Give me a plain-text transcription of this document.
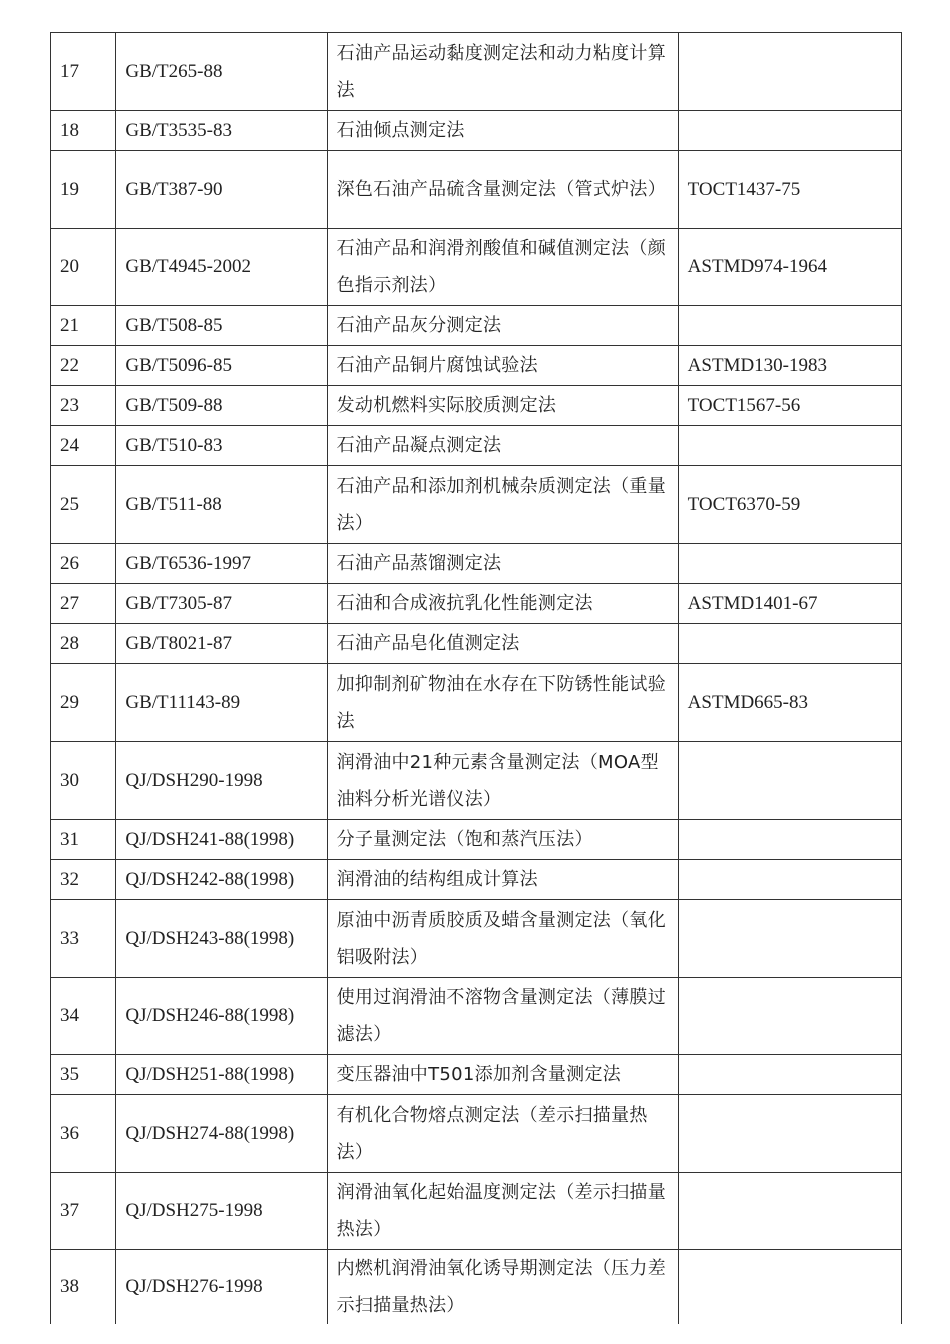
17	GB/T265-88	石油产品运动黏度测定法和动力粘度计算法	
18	GB/T3535-83	石油倾点测定法	
19	GB/T387-90	深色石油产品硫含量测定法（管式炉法）	TOCT1437-75
20	GB/T4945-2002	石油产品和润滑剂酸值和碱值测定法（颜色指示剂法）	ASTMD974-1964
21	GB/T508-85	石油产品灰分测定法	
22	GB/T5096-85	石油产品铜片腐蚀试验法	ASTMD130-1983
23	GB/T509-88	发动机燃料实际胶质测定法	TOCT1567-56
24	GB/T510-83	石油产品凝点测定法	
25	GB/T511-88	石油产品和添加剂机械杂质测定法（重量法）	TOCT6370-59
26	GB/T6536-1997	石油产品蒸馏测定法	
27	GB/T7305-87	石油和合成液抗乳化性能测定法	ASTMD1401-67
28	GB/T8021-87	石油产品皂化值测定法	
29	GB/T11143-89	加抑制剂矿物油在水存在下防锈性能试验法	ASTMD665-83
30	QJ/DSH290-1998	润滑油中21种元素含量测定法（MOA型油料分析光谱仪法）	
31	QJ/DSH241-88(1998)	分子量测定法（饱和蒸汽压法）	
32	QJ/DSH242-88(1998)	润滑油的结构组成计算法	
33	QJ/DSH243-88(1998)	原油中沥青质胶质及蜡含量测定法（氧化铝吸附法）	
34	QJ/DSH246-88(1998)	使用过润滑油不溶物含量测定法（薄膜过滤法）	
35	QJ/DSH251-88(1998)	变压器油中T501添加剂含量测定法	
36	QJ/DSH274-88(1998)	有机化合物熔点测定法（差示扫描量热法）	
37	QJ/DSH275-1998	润滑油氧化起始温度测定法（差示扫描量热法）	
38	QJ/DSH276-1998	内燃机润滑油氧化诱导期测定法（压力差示扫描量热法）	
